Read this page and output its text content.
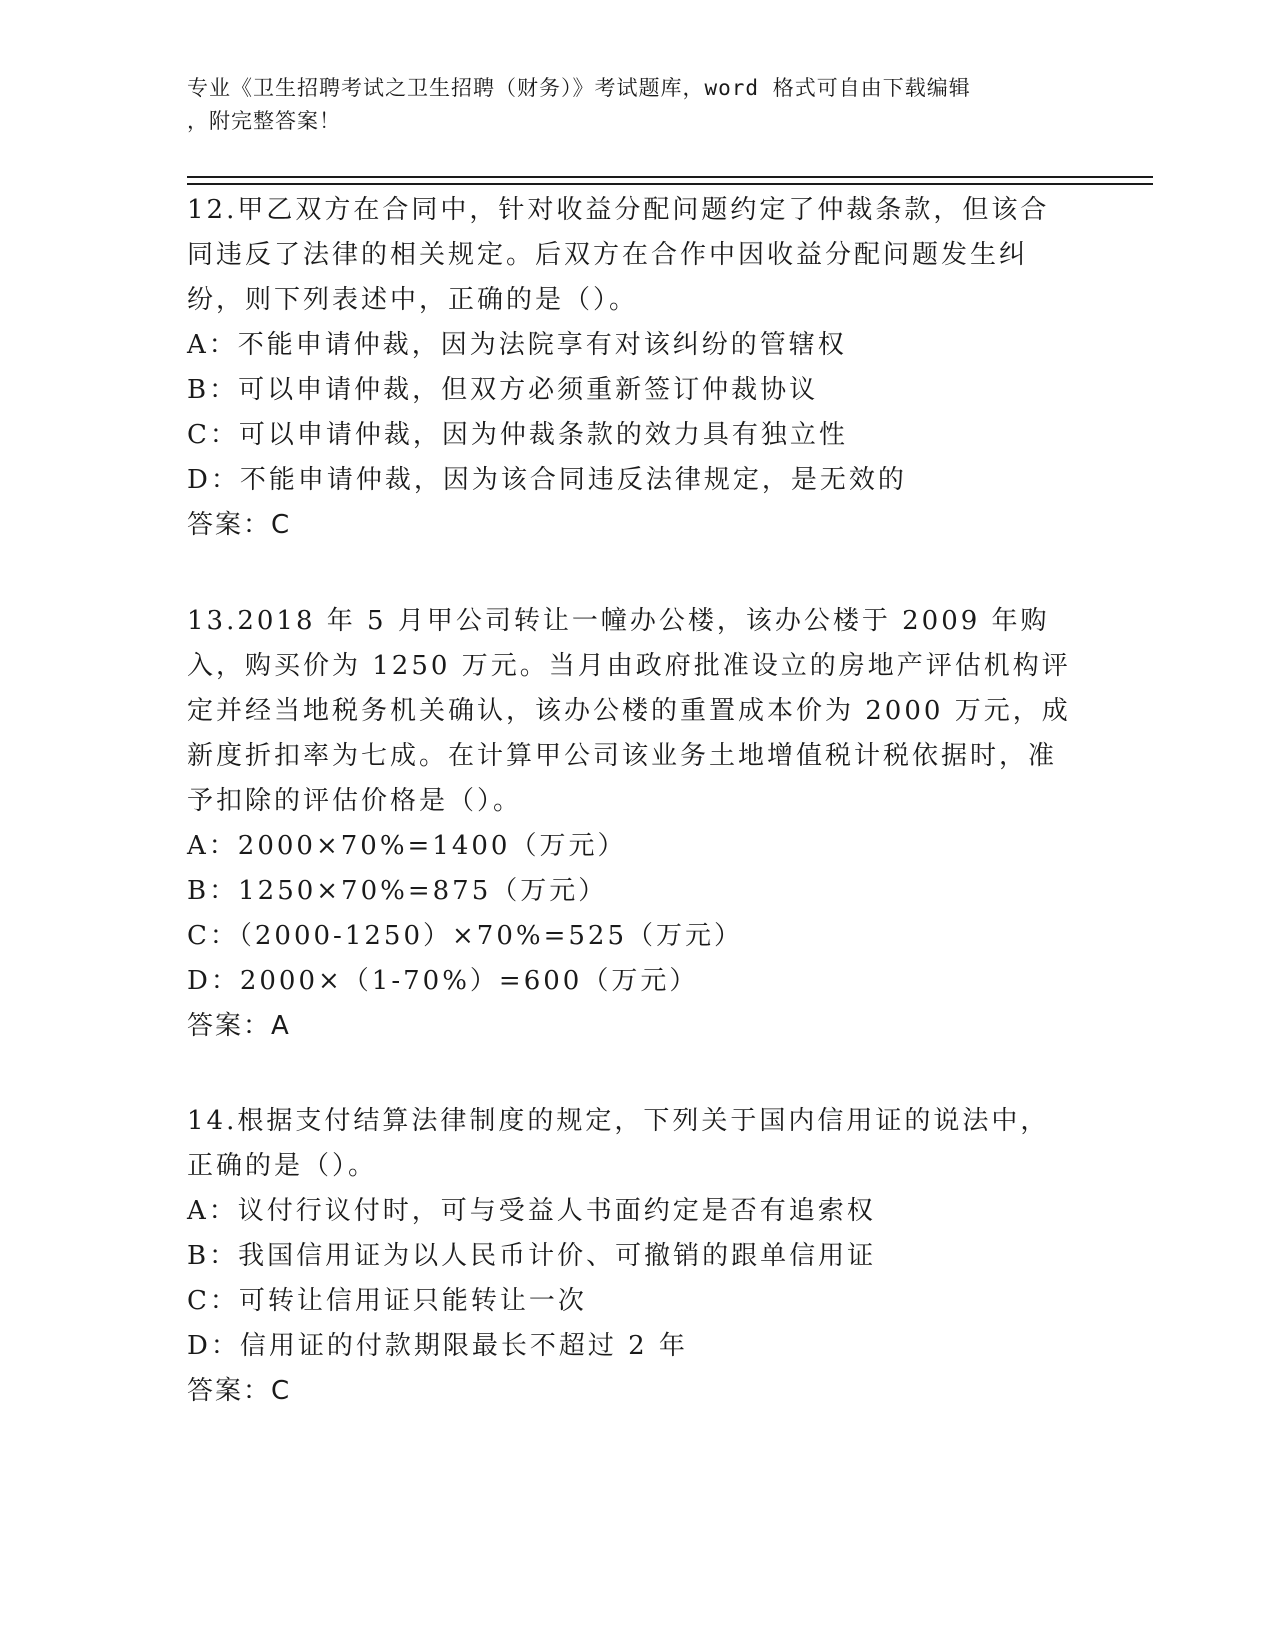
专业《卫生招聘考试之卫生招聘（财务）》考试题库，word 格式可自由下载编辑
，附完整答案！

12.甲乙双方在合同中，针对收益分配问题约定了仲裁条款，但该合同违反了法律的相关规定。后双方在合作中因收益分配问题发生纠纷，则下列表述中，正确的是（）。

A：不能申请仲裁，因为法院享有对该纠纷的管辖权

B：可以申请仲裁，但双方必须重新签订仲裁协议

C：可以申请仲裁，因为仲裁条款的效力具有独立性

D：不能申请仲裁，因为该合同违反法律规定，是无效的

答案：C

13.2018 年 5 月甲公司转让一幢办公楼，该办公楼于 2009 年购入，购买价为 1250 万元。当月由政府批准设立的房地产评估机构评定并经当地税务机关确认，该办公楼的重置成本价为 2000 万元，成新度折扣率为七成。在计算甲公司该业务土地增值税计税依据时，准予扣除的评估价格是（）。

A：2000×70%=1400（万元）

B：1250×70%=875（万元）

C：（2000-1250）×70%=525（万元）

D：2000×（1-70%）=600（万元）

答案：A

14.根据支付结算法律制度的规定，下列关于国内信用证的说法中，正确的是（）。

A：议付行议付时，可与受益人书面约定是否有追索权

B：我国信用证为以人民币计价、可撤销的跟单信用证

C：可转让信用证只能转让一次

D：信用证的付款期限最长不超过 2 年

答案：C
